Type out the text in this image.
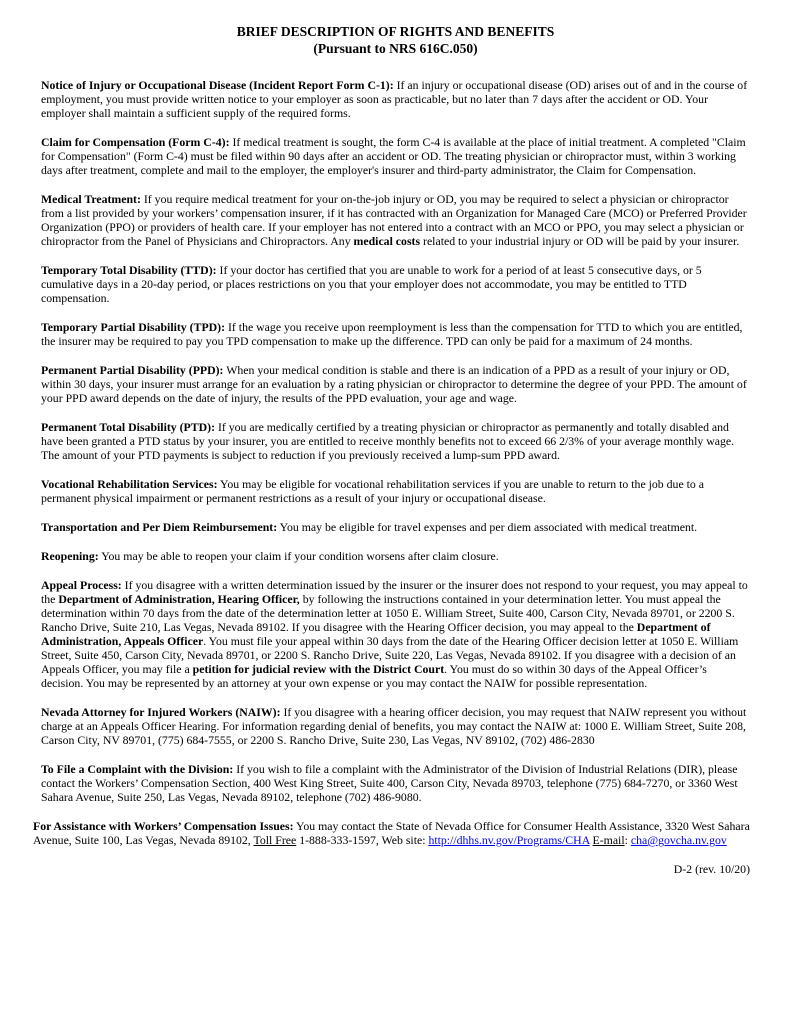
BRIEF DESCRIPTION OF RIGHTS AND BENEFITS
(Pursuant to NRS 616C.050)

Notice of Injury or Occupational Disease (Incident Report Form C-1): If an injury or occupational disease (OD) arises out of and in the course of employment, you must provide written notice to your employer as soon as practicable, but no later than 7 days after the accident or OD. Your employer shall maintain a sufficient supply of the required forms.

Claim for Compensation (Form C-4): If medical treatment is sought, the form C-4 is available at the place of initial treatment. A completed "Claim for Compensation" (Form C-4) must be filed within 90 days after an accident or OD. The treating physician or chiropractor must, within 3 working days after treatment, complete and mail to the employer, the employer's insurer and third-party administrator, the Claim for Compensation.

Medical Treatment: If you require medical treatment for your on-the-job injury or OD, you may be required to select a physician or chiropractor from a list provided by your workers’ compensation insurer, if it has contracted with an Organization for Managed Care (MCO) or Preferred Provider Organization (PPO) or providers of health care. If your employer has not entered into a contract with an MCO or PPO, you may select a physician or chiropractor from the Panel of Physicians and Chiropractors. Any medical costs related to your industrial injury or OD will be paid by your insurer.

Temporary Total Disability (TTD): If your doctor has certified that you are unable to work for a period of at least 5 consecutive days, or 5 cumulative days in a 20-day period, or places restrictions on you that your employer does not accommodate, you may be entitled to TTD compensation.

Temporary Partial Disability (TPD): If the wage you receive upon reemployment is less than the compensation for TTD to which you are entitled, the insurer may be required to pay you TPD compensation to make up the difference. TPD can only be paid for a maximum of 24 months.

Permanent Partial Disability (PPD): When your medical condition is stable and there is an indication of a PPD as a result of your injury or OD, within 30 days, your insurer must arrange for an evaluation by a rating physician or chiropractor to determine the degree of your PPD. The amount of your PPD award depends on the date of injury, the results of the PPD evaluation, your age and wage.

Permanent Total Disability (PTD): If you are medically certified by a treating physician or chiropractor as permanently and totally disabled and have been granted a PTD status by your insurer, you are entitled to receive monthly benefits not to exceed 66 2/3% of your average monthly wage. The amount of your PTD payments is subject to reduction if you previously received a lump-sum PPD award.

Vocational Rehabilitation Services: You may be eligible for vocational rehabilitation services if you are unable to return to the job due to a permanent physical impairment or permanent restrictions as a result of your injury or occupational disease.

Transportation and Per Diem Reimbursement: You may be eligible for travel expenses and per diem associated with medical treatment.

Reopening: You may be able to reopen your claim if your condition worsens after claim closure.

Appeal Process: If you disagree with a written determination issued by the insurer or the insurer does not respond to your request, you may appeal to the Department of Administration, Hearing Officer, by following the instructions contained in your determination letter. You must appeal the determination within 70 days from the date of the determination letter at 1050 E. William Street, Suite 400, Carson City, Nevada 89701, or 2200 S. Rancho Drive, Suite 210, Las Vegas, Nevada 89102. If you disagree with the Hearing Officer decision, you may appeal to the Department of Administration, Appeals Officer. You must file your appeal within 30 days from the date of the Hearing Officer decision letter at 1050 E. William Street, Suite 450, Carson City, Nevada 89701, or 2200 S. Rancho Drive, Suite 220, Las Vegas, Nevada 89102. If you disagree with a decision of an Appeals Officer, you may file a petition for judicial review with the District Court. You must do so within 30 days of the Appeal Officer’s decision. You may be represented by an attorney at your own expense or you may contact the NAIW for possible representation.

Nevada Attorney for Injured Workers (NAIW): If you disagree with a hearing officer decision, you may request that NAIW represent you without charge at an Appeals Officer Hearing. For information regarding denial of benefits, you may contact the NAIW at: 1000 E. William Street, Suite 208, Carson City, NV 89701, (775) 684-7555, or 2200 S. Rancho Drive, Suite 230, Las Vegas, NV 89102, (702) 486-2830

To File a Complaint with the Division: If you wish to file a complaint with the Administrator of the Division of Industrial Relations (DIR), please contact the Workers’ Compensation Section, 400 West King Street, Suite 400, Carson City, Nevada 89703, telephone (775) 684-7270, or 3360 West Sahara Avenue, Suite 250, Las Vegas, Nevada 89102, telephone (702) 486-9080.

For Assistance with Workers’ Compensation Issues: You may contact the State of Nevada Office for Consumer Health Assistance, 3320 West Sahara Avenue, Suite 100, Las Vegas, Nevada 89102, Toll Free 1-888-333-1597, Web site: http://dhhs.nv.gov/Programs/CHA E-mail: cha@govcha.nv.gov

D-2 (rev. 10/20)
